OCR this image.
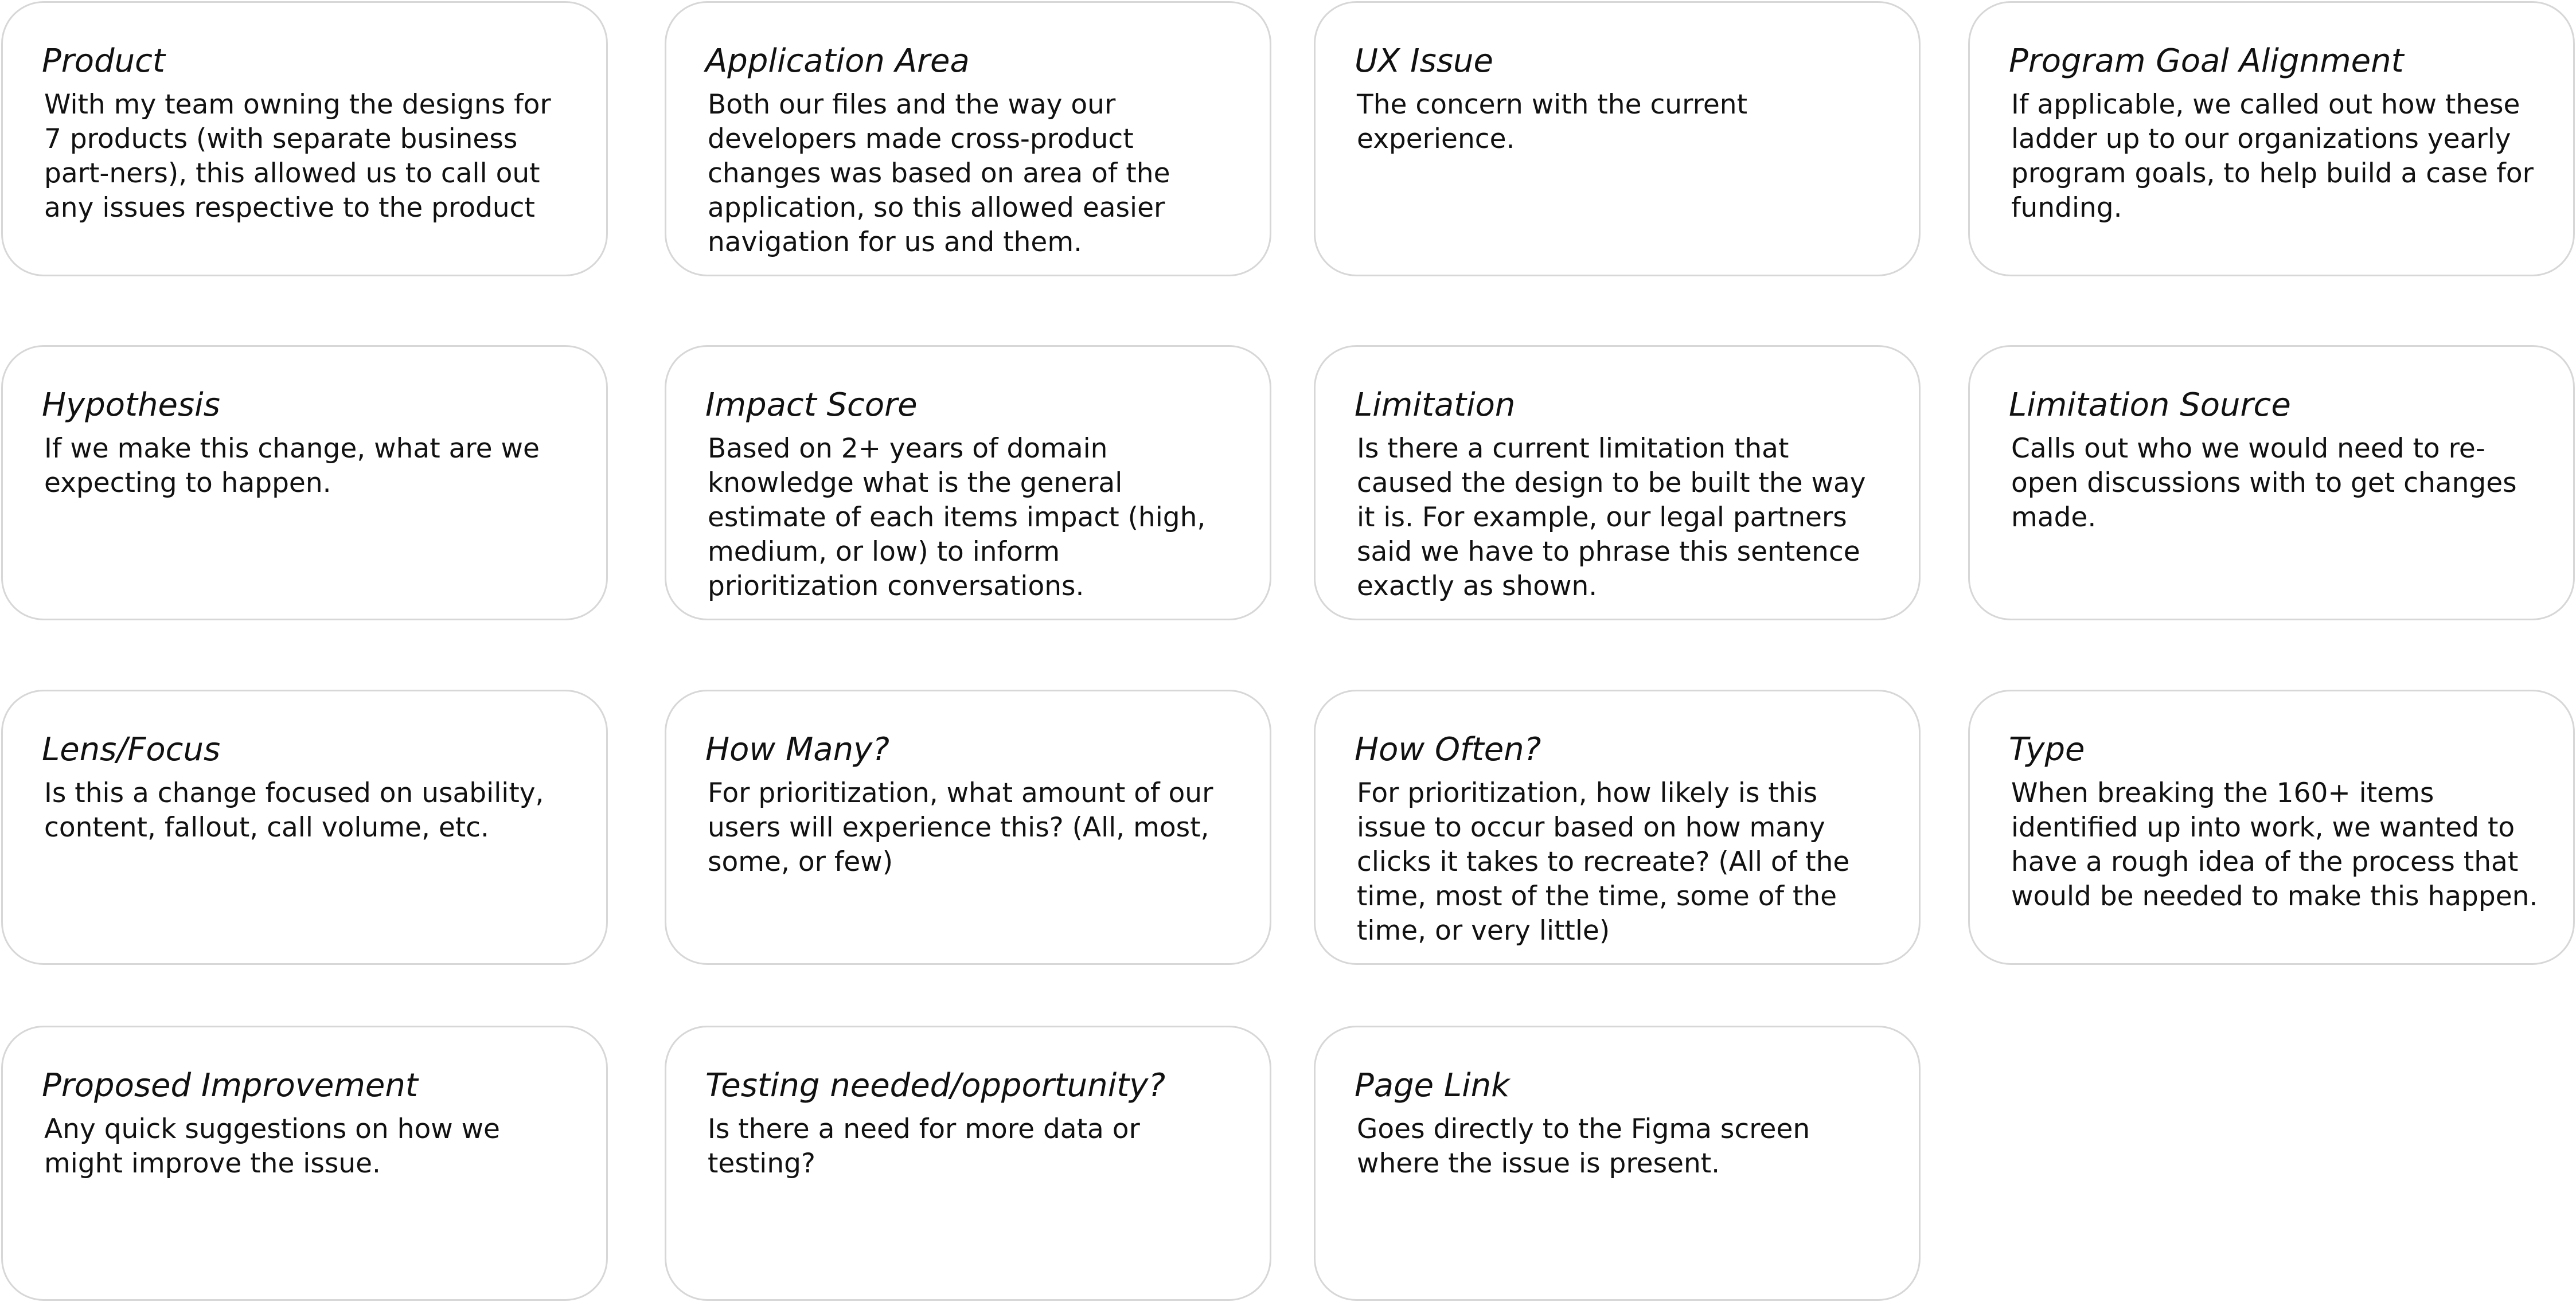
Product
With my team owning the designs for 7 products (with separate business part-ners), this allowed us to call out any issues respective to the product
Application Area
Both our files and the way our developers made cross-product changes was based on area of the application, so this allowed easier navigation for us and them.
UX Issue
The concern with the current experience.
Program Goal Alignment
If applicable, we called out how these ladder up to our organizations yearly program goals, to help build a case for funding.
Hypothesis
If we make this change, what are we expecting to happen.
Impact Score
Based on 2+ years of domain knowledge what is the general estimate of each items impact (high, medium, or low) to inform prioritization conversations.
Limitation
Is there a current limitation that caused the design to be built the way it is. For example, our legal partners said we have to phrase this sentence exactly as shown.
Limitation Source
Calls out who we would need to re-open discussions with to get changes made.
Lens/Focus
Is this a change focused on usability, content, fallout, call volume, etc.
How Many?
For prioritization, what amount of our users will experience this? (All, most, some, or few)
How Often?
For prioritization, how likely is this issue to occur based on how many clicks it takes to recreate? (All of the time, most of the time, some of the time, or very little)
Type
When breaking the 160+ items identified up into work, we wanted to have a rough idea of the process that would be needed to make this happen.
Proposed Improvement
Any quick suggestions on how we might improve the issue.
Testing needed/opportunity?
Is there a need for more data or testing?
Page Link
Goes directly to the Figma screen where the issue is present.
